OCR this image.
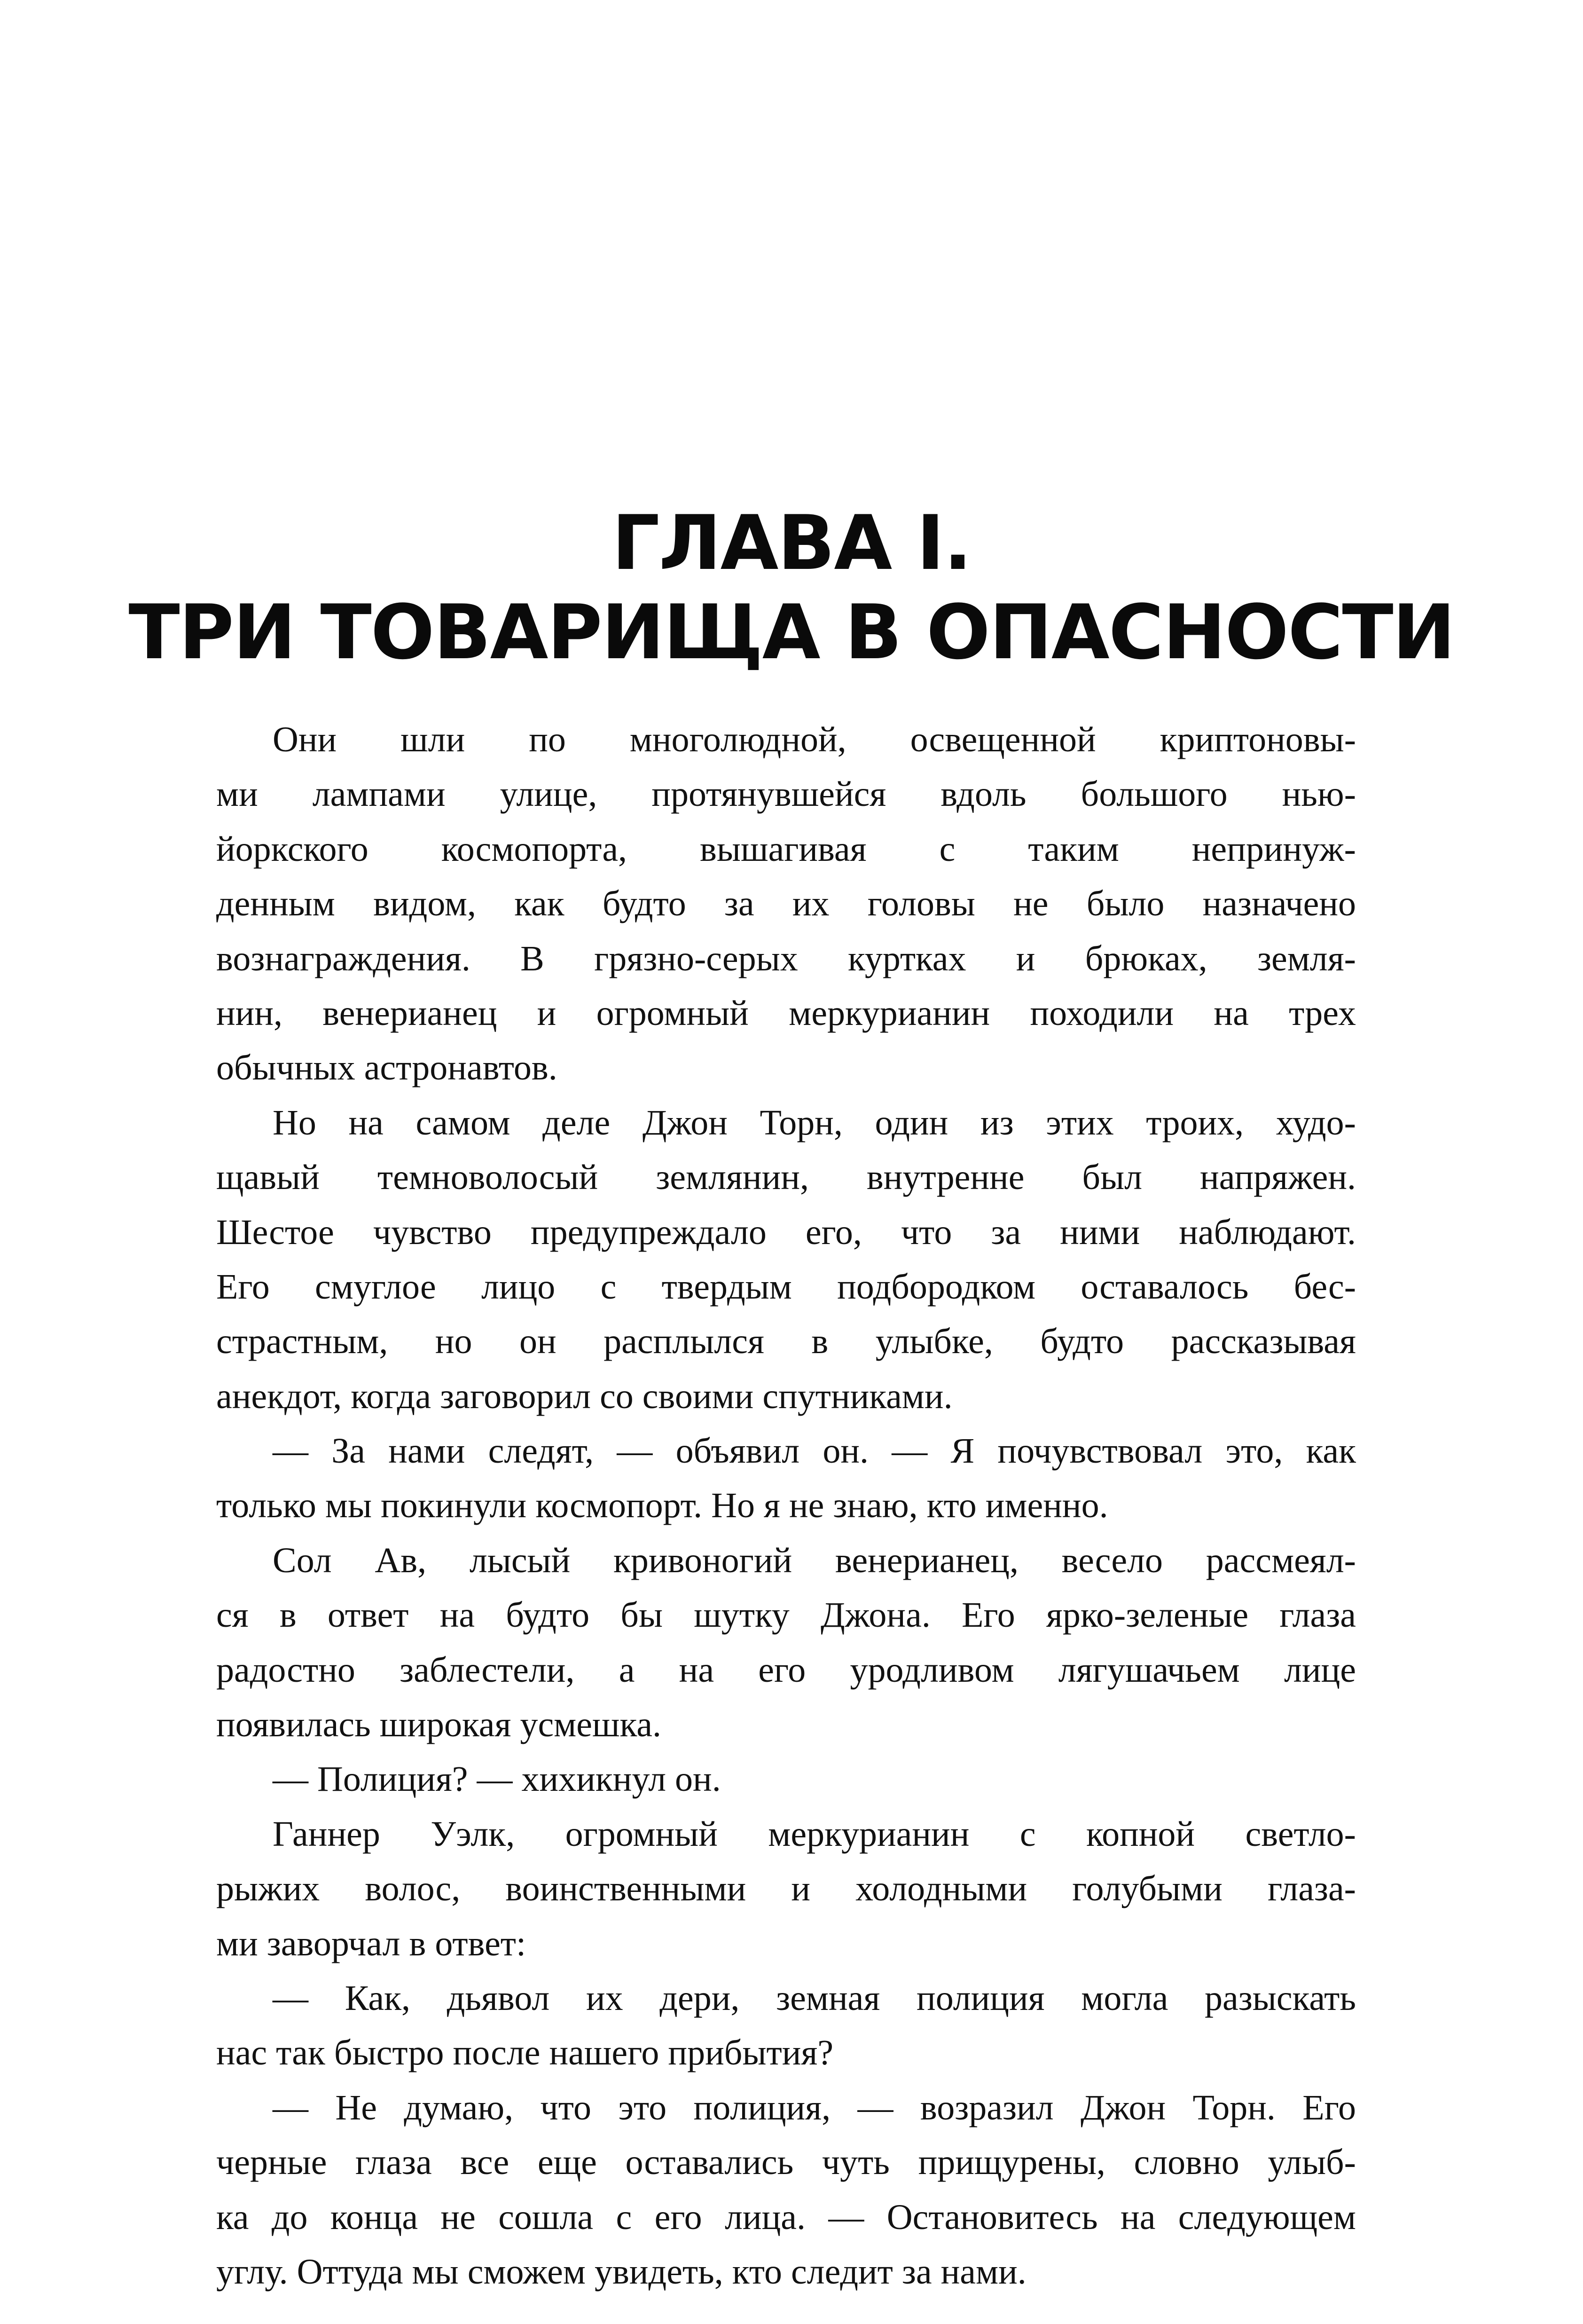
ГЛАВА I.
ТРИ ТОВАРИЩА В ОПАСНОСТИ
Они шли по многолюдной, освещенной криптоновы-
ми лампами улице, протянувшейся вдоль большого нью-
йоркского космопорта, вышагивая с таким непринуж-
денным видом, как будто за их головы не было назначено
вознаграждения. В грязно-серых куртках и брюках, земля-
нин, венерианец и огромный меркурианин походили на трех
обычных астронавтов.
Но на самом деле Джон Торн, один из этих троих, худо-
щавый темноволосый землянин, внутренне был напряжен.
Шестое чувство предупреждало его, что за ними наблюдают.
Его смуглое лицо с твердым подбородком оставалось бес-
страстным, но он расплылся в улыбке, будто рассказывая
анекдот, когда заговорил со своими спутниками.
— За нами следят, — объявил он. — Я почувствовал это, как
только мы покинули космопорт. Но я не знаю, кто именно.
Сол Ав, лысый кривоногий венерианец, весело рассмеял-
ся в ответ на будто бы шутку Джона. Его ярко-зеленые глаза
радостно заблестели, а на его уродливом лягушачьем лице
появилась широкая усмешка.
— Полиция? — хихикнул он.
Ганнер Уэлк, огромный меркурианин с копной светло-
рыжих волос, воинственными и холодными голубыми глаза-
ми заворчал в ответ:
— Как, дьявол их дери, земная полиция могла разыскать
нас так быстро после нашего прибытия?
— Не думаю, что это полиция, — возразил Джон Торн. Его
черные глаза все еще оставались чуть прищурены, словно улыб-
ка до конца не сошла с его лица. — Остановитесь на следующем
углу. Оттуда мы сможем увидеть, кто следит за нами.
